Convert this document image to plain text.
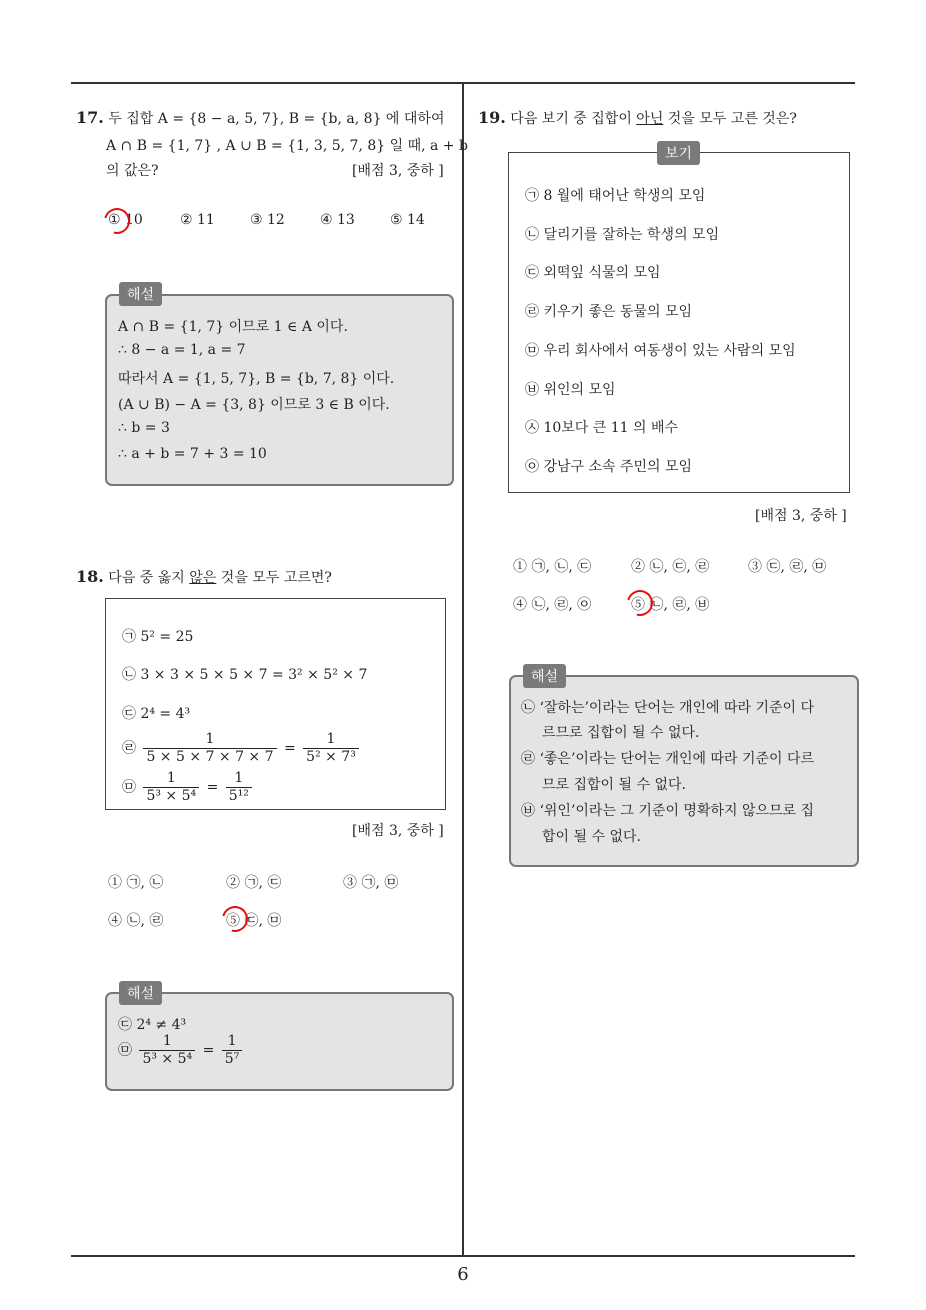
6
17. 두 집합 A = {8 − a, 5, 7}, B = {b, a, 8} 에 대하여
A ∩ B = {1, 7} , A ∪ B = {1, 3, 5, 7, 8} 일 때, a + b
의 값은?	[배점 3, 중하 ]
① 10	② 11	③ 12	④ 13	⑤ 14
해설
A ∩ B = {1, 7} 이므로 1 ∈ A 이다.
∴ 8 − a = 1, a = 7
따라서 A = {1, 5, 7}, B = {b, 7, 8} 이다.
(A ∪ B) − A = {3, 8} 이므로 3 ∈ B 이다.
∴ b = 3
∴ a + b = 7 + 3 = 10
18. 다음 중 옳지 않은 것을 모두 고르면?
㉠ 5² = 25
㉡ 3 × 3 × 5 × 5 × 7 = 3² × 5² × 7
㉢ 2⁴ = 4³
㉣ $\frac{1}{5 \times 5 \times 7 \times 7 \times 7} = \frac{1}{\text{5² × 7³}}$
㉤ $\frac{1}{\text{5³ × 5⁴}} = \frac{1}{\text{5¹²}}$
[배점 3, 중하 ]
① ㉠, ㉡	② ㉠, ㉢	③ ㉠, ㉤
④ ㉡, ㉣	⑤ ㉢, ㉤
해설
㉢ 2⁴ ≠ 4³
㉤ $\frac{1}{\text{5³ × 5⁴}} = \frac{1}{\text{5⁷}}$
19. 다음 보기 중 집합이 아닌 것을 모두 고른 것은?
보기
㉠ 8 월에 태어난 학생의 모임
㉡ 달리기를 잘하는 학생의 모임
㉢ 외떡잎 식물의 모임
㉣ 키우기 좋은 동물의 모임
㉤ 우리 회사에서 여동생이 있는 사람의 모임
㉥ 위인의 모임
㉦ 10보다 큰 11 의 배수
㉧ 강남구 소속 주민의 모임
[배점 3, 중하 ]
① ㉠, ㉡, ㉢	② ㉡, ㉢, ㉣	③ ㉢, ㉣, ㉤
④ ㉡, ㉣, ㉧	⑤ ㉡, ㉣, ㉥
해설
㉡ ‘잘하는’이라는 단어는 개인에 따라 기준이 다
르므로 집합이 될 수 없다.
㉣ ‘좋은’이라는 단어는 개인에 따라 기준이 다르
므로 집합이 될 수 없다.
㉥ ‘위인’이라는 그 기준이 명확하지 않으므로 집
합이 될 수 없다.
